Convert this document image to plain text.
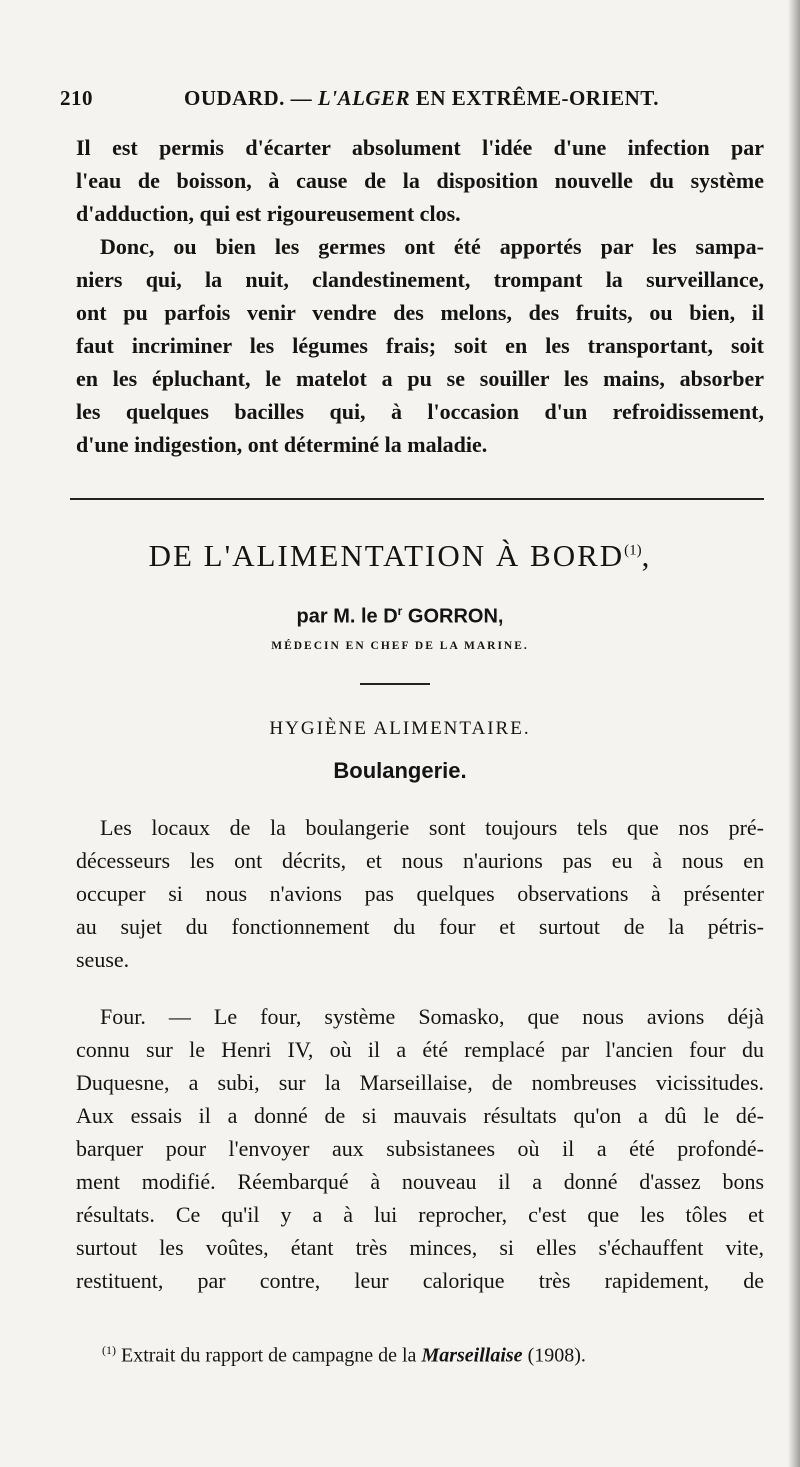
210	OUDARD. — L'ALGER EN EXTRÊME-ORIENT.
Il est permis d'écarter absolument l'idée d'une infection par
l'eau de boisson, à cause de la disposition nouvelle du système
d'adduction, qui est rigoureusement clos.
Donc, ou bien les germes ont été apportés par les sampa-
niers qui, la nuit, clandestinement, trompant la surveillance,
ont pu parfois venir vendre des melons, des fruits, ou bien, il
faut incriminer les légumes frais; soit en les transportant, soit
en les épluchant, le matelot a pu se souiller les mains, absorber
les quelques bacilles qui, à l'occasion d'un refroidissement,
d'une indigestion, ont déterminé la maladie.
DE L'ALIMENTATION À BORD$^{(1)}$,
par M. le $D^r$ GORRON,
MÉDECIN EN CHEF DE LA MARINE.
HYGIÈNE ALIMENTAIRE.
Boulangerie.
Les locaux de la boulangerie sont toujours tels que nos pré-
décesseurs les ont décrits, et nous n'aurions pas eu à nous en
occuper si nous n'avions pas quelques observations à présenter
au sujet du fonctionnement du four et surtout de la pétris-
seuse.
Four. — Le four, système Somasko, que nous avions déjà
connu sur le Henri IV, où il a été remplacé par l'ancien four du
Duquesne, a subi, sur la Marseillaise, de nombreuses vicissitudes.
Aux essais il a donné de si mauvais résultats qu'on a dû le dé-
barquer pour l'envoyer aux subsistanees où il a été profondé-
ment modifié. Réembarqué à nouveau il a donné d'assez bons
résultats. Ce qu'il y a à lui reprocher, c'est que les tôles et
surtout les voûtes, étant très minces, si elles s'échauffent vite,
restituent, par contre, leur calorique très rapidement, de
$^{(1)}$ Extrait du rapport de campagne de la Marseillaise (1908).
